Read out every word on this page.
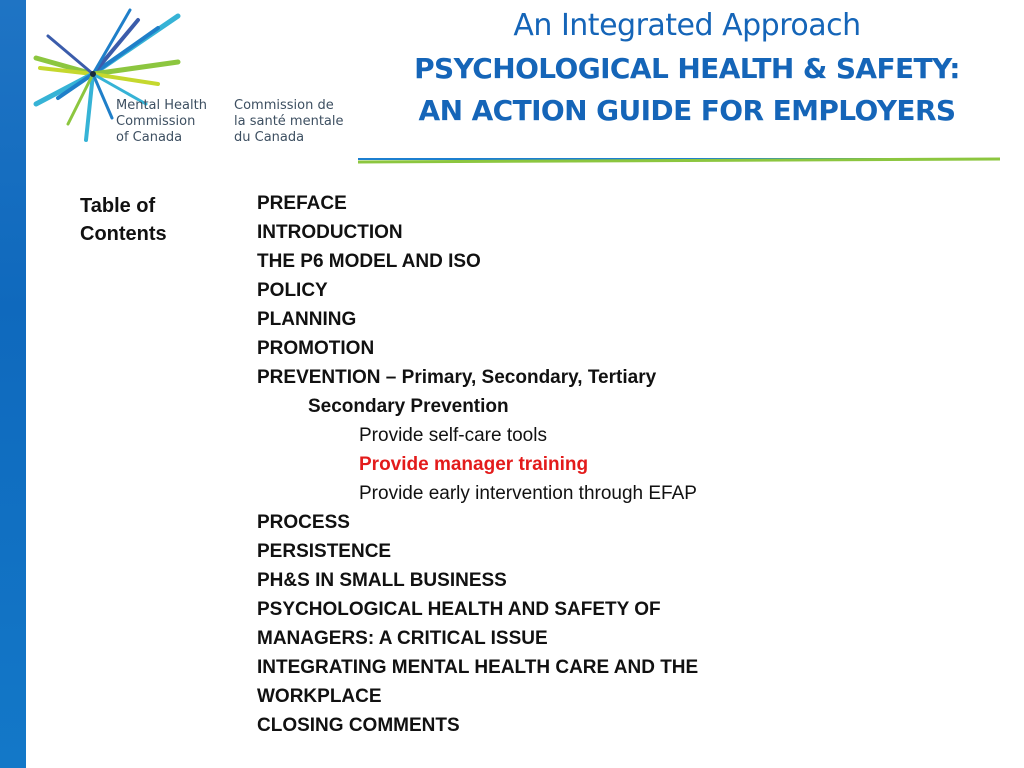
Mental Health
Commission
of Canada
Commission de
la santé mentale
du Canada
An Integrated Approach
PSYCHOLOGICAL HEALTH & SAFETY:
AN ACTION GUIDE FOR EMPLOYERS
Table of
Contents
PREFACE
INTRODUCTION
THE P6 MODEL AND ISO
POLICY
PLANNING
PROMOTION
PREVENTION – Primary, Secondary, Tertiary
Secondary Prevention
Provide self-care tools
Provide manager training
Provide early intervention through EFAP
PROCESS
PERSISTENCE
PH&S IN SMALL BUSINESS
PSYCHOLOGICAL HEALTH AND SAFETY OF
MANAGERS: A CRITICAL ISSUE
INTEGRATING MENTAL HEALTH CARE AND THE
WORKPLACE
CLOSING COMMENTS
